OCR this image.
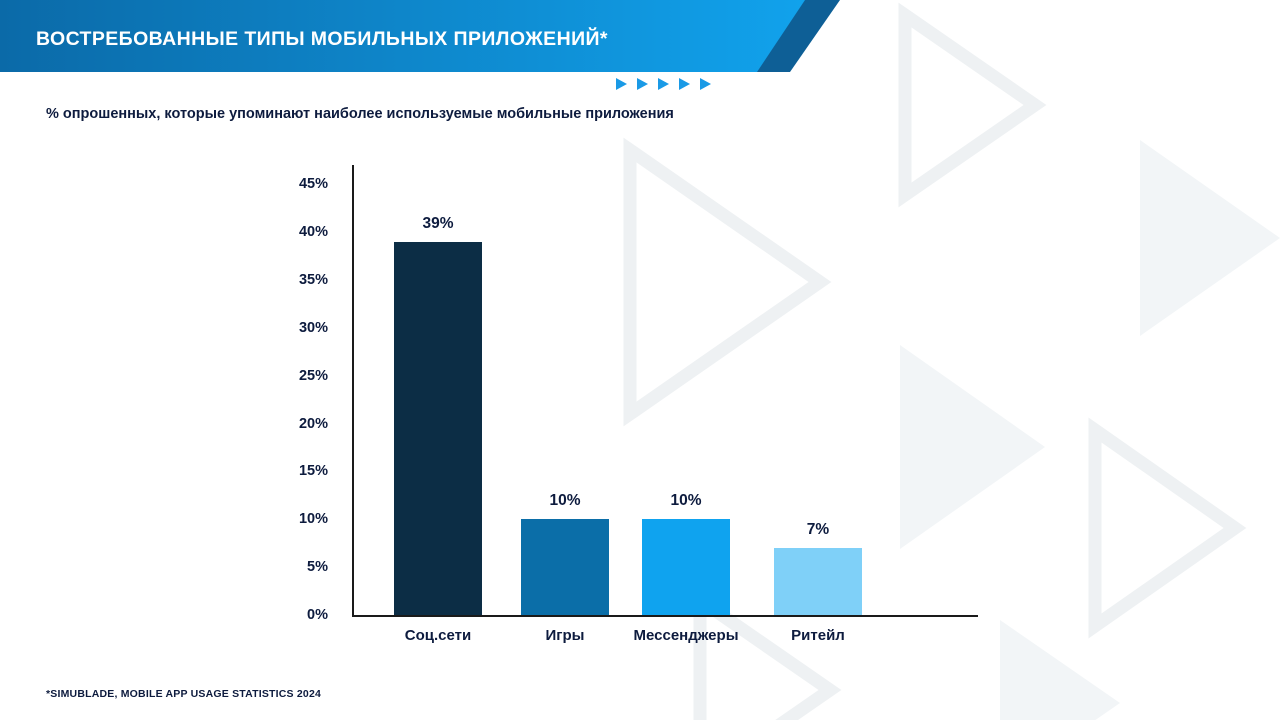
ВОСТРЕБОВАННЫЕ ТИПЫ МОБИЛЬНЫХ ПРИЛОЖЕНИЙ*
% опрошенных, которые упоминают наиболее используемые мобильные приложения
0%
5%
10%
15%
20%
25%
30%
35%
40%
45%
39%
10%	10%
7%
Соц.сети	Игры	Мессенджеры	Ритейл
*SIMUBLADE, MOBILE APP USAGE STATISTICS 2024
